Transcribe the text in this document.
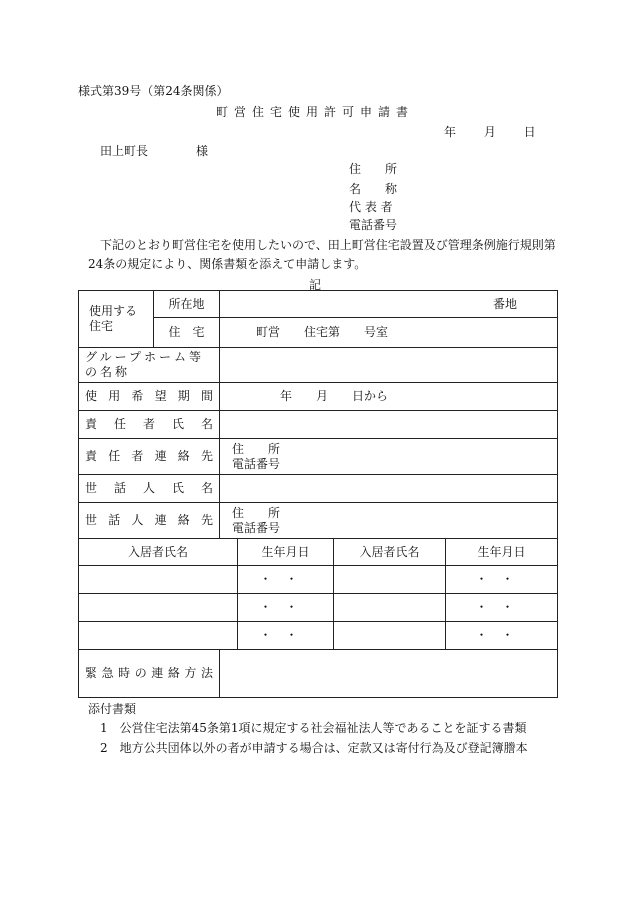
様式第39号（第24条関係）
町営住宅使用許可申請書
年 月 日
田上町長	様
住　　所
名　　称
代 表 者
電話番号
下記のとおり町営住宅を使用したいので、田上町営住宅設置及び管理条例施行規則第24条の規定により、関係書類を添えて申請します。
記
使用する住宅	所在地	番地			
	住　宅	町営　　住宅第　　号室			
グループホーム等の名称					
使用希望期間		年　　月　　日から			
責任者氏名					
責任者連絡先		住　　所
電話番号			

世話人氏名					
世話人連絡先		住　　所
電話番号			

入居者氏名			生年月日	入居者氏名	生年月日
			・・		・・
			・・		・・
			・・		・・
緊急時の連絡方法					
添付書類
1　公営住宅法第45条第1項に規定する社会福祉法人等であることを証する書類
2　地方公共団体以外の者が申請する場合は、定款又は寄付行為及び登記簿謄本
